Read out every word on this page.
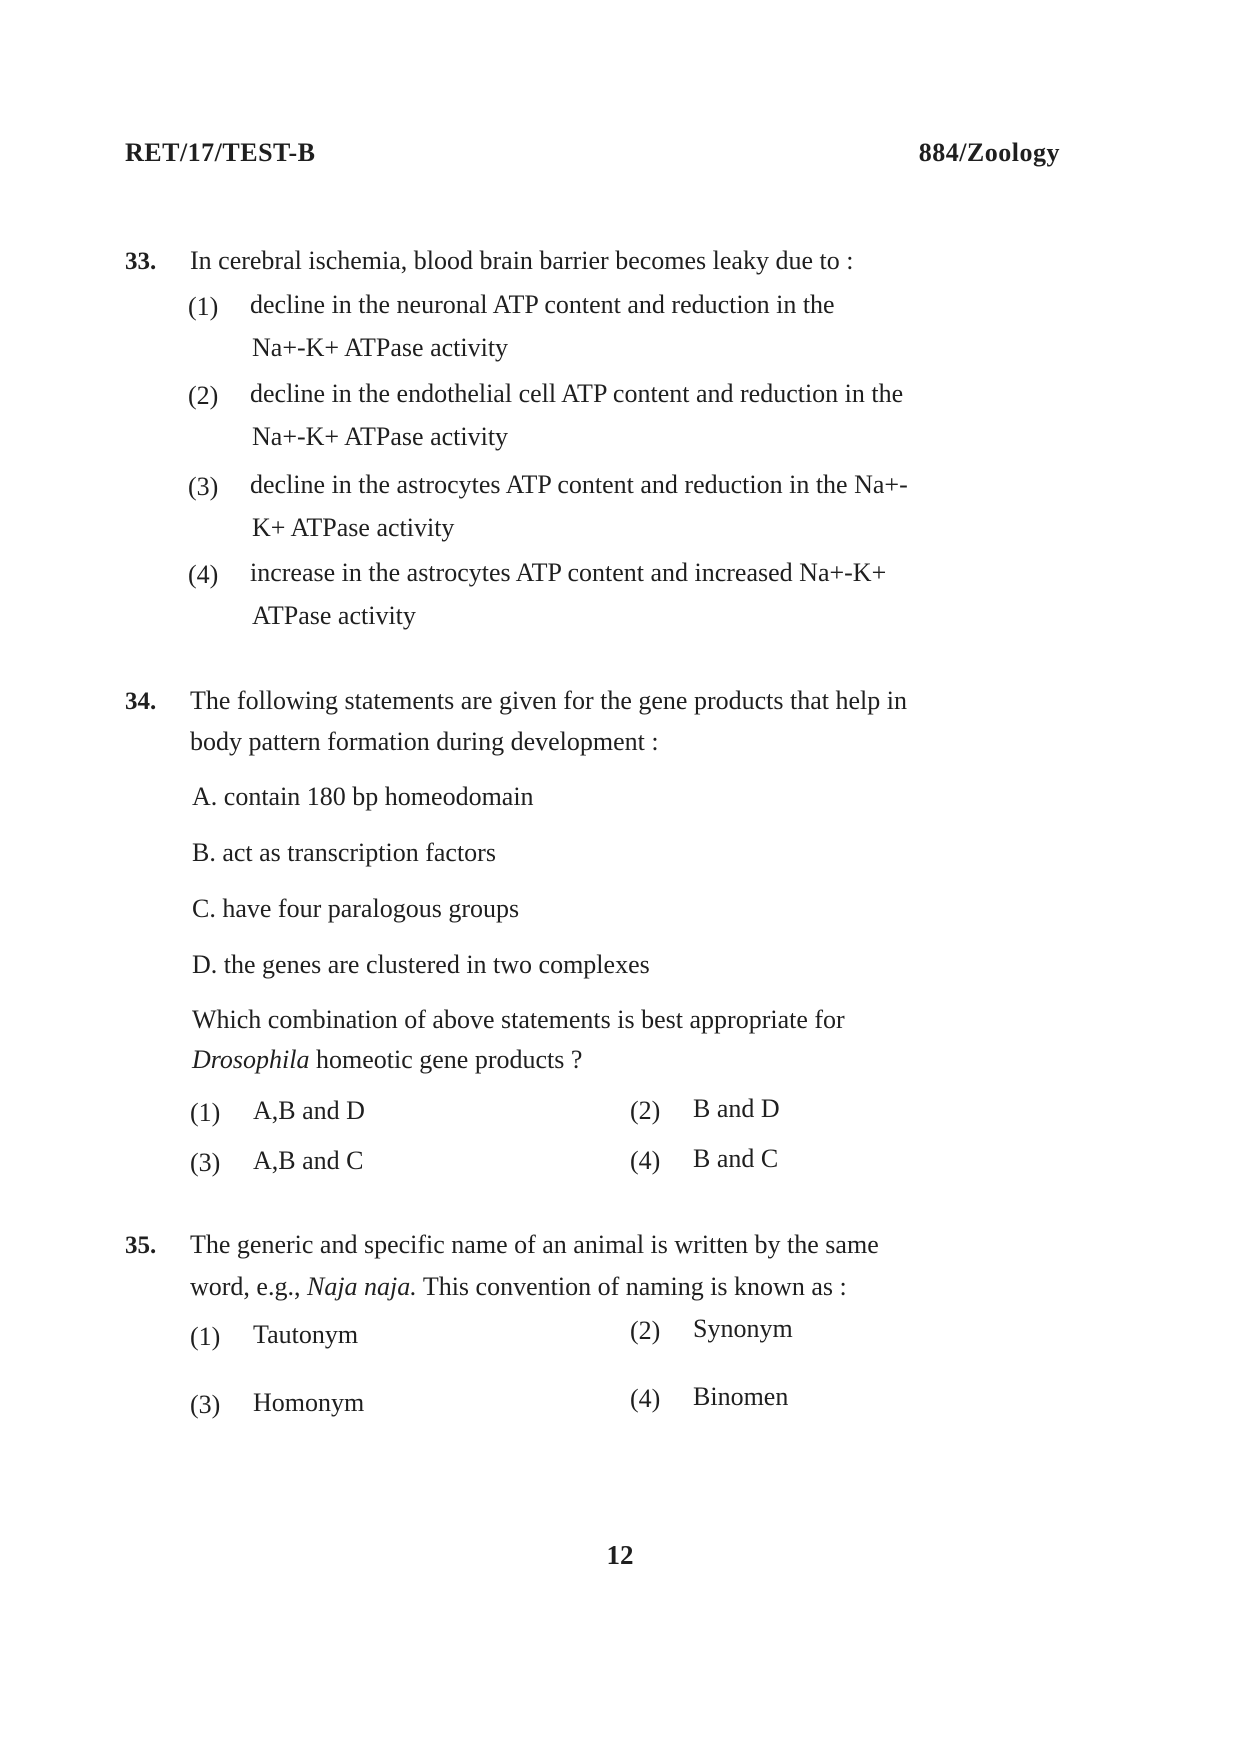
RET/17/TEST-B	884/Zoology
33. In cerebral ischemia, blood brain barrier becomes leaky due to :
(1) decline in the neuronal ATP content and reduction in the
Na+-K+ ATPase activity
(2) decline in the endothelial cell ATP content and reduction in the
Na+-K+ ATPase activity
(3) decline in the astrocytes ATP content and reduction in the Na+-
K+ ATPase activity
(4) increase in the astrocytes ATP content and increased Na+-K+
ATPase activity
34. The following statements are given for the gene products that help in
body pattern formation during development :
A. contain 180 bp homeodomain
B. act as transcription factors
C. have four paralogous groups
D. the genes are clustered in two complexes

Which combination of above statements is best appropriate for

Drosophila homeotic gene products ?

(1) A,B and D	(2) B and D
(3) A,B and C	(4) B and C
35. The generic and specific name of an animal is written by the same
word, e.g., Naja naja. This convention of naming is known as :
(1) Tautonym	(2) Synonym
(3) Homonym	(4) Binomen
12
